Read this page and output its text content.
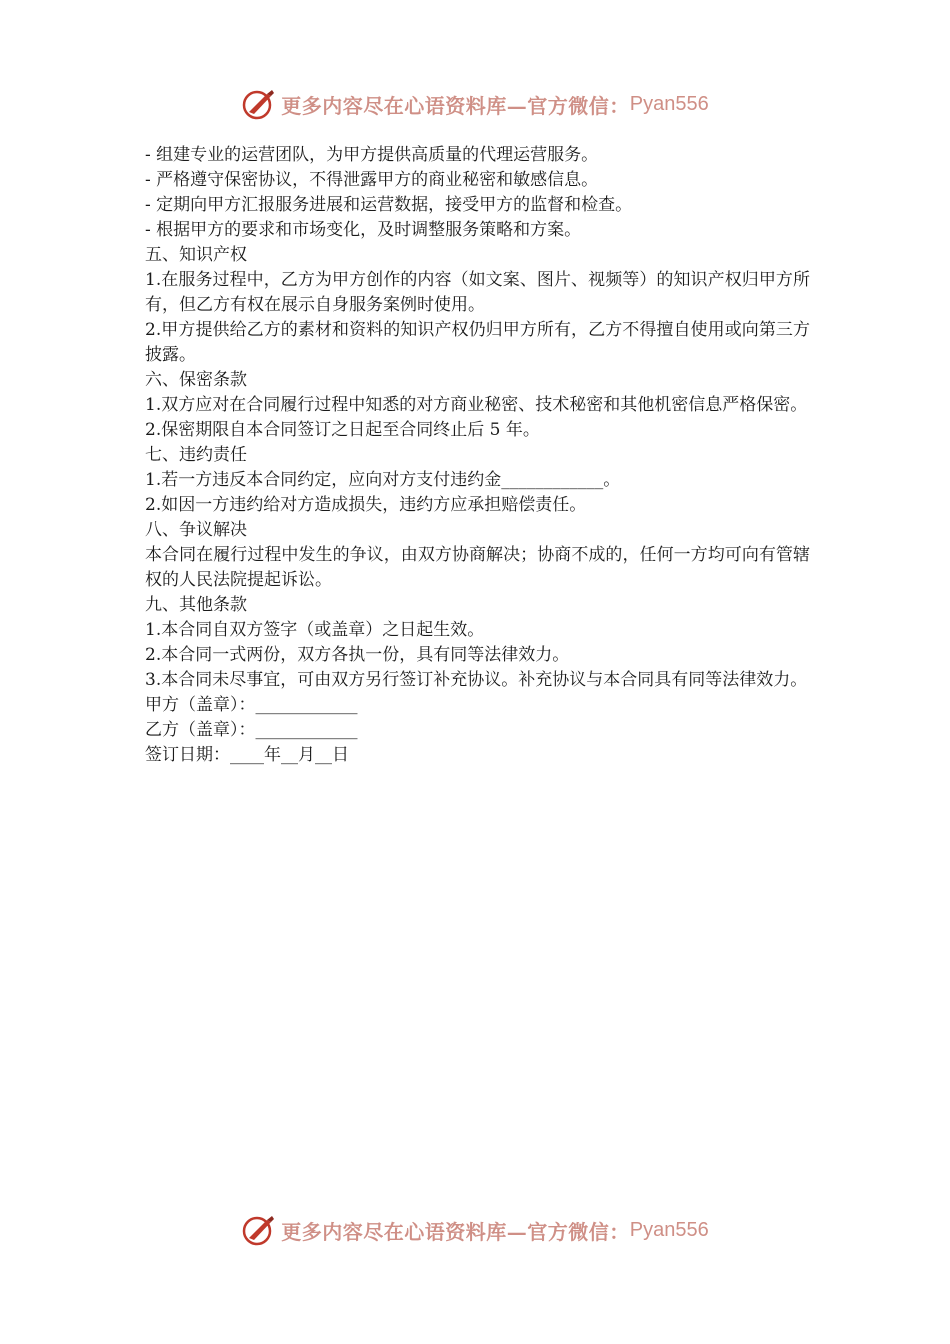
更多内容尽在心语资料库—官方微信： Pyan556
- 组建专业的运营团队，为甲方提供高质量的代理运营服务。
- 严格遵守保密协议，不得泄露甲方的商业秘密和敏感信息。
- 定期向甲方汇报服务进展和运营数据，接受甲方的监督和检查。
- 根据甲方的要求和市场变化，及时调整服务策略和方案。
五、知识产权
1.在服务过程中，乙方为甲方创作的内容（如文案、图片、视频等）的知识产权归甲方所有，但乙方有权在展示自身服务案例时使用。
2.甲方提供给乙方的素材和资料的知识产权仍归甲方所有，乙方不得擅自使用或向第三方披露。
六、保密条款
1.双方应对在合同履行过程中知悉的对方商业秘密、技术秘密和其他机密信息严格保密。
2.保密期限自本合同签订之日起至合同终止后 5 年。
七、违约责任
1.若一方违反本合同约定，应向对方支付违约金____________。
2.如因一方违约给对方造成损失，违约方应承担赔偿责任。
八、争议解决
本合同在履行过程中发生的争议，由双方协商解决；协商不成的，任何一方均可向有管辖权的人民法院提起诉讼。
九、其他条款
1.本合同自双方签字（或盖章）之日起生效。
2.本合同一式两份，双方各执一份，具有同等法律效力。
3.本合同未尽事宜，可由双方另行签订补充协议。补充协议与本合同具有同等法律效力。
甲方（盖章）：____________
乙方（盖章）：____________
签订日期：____年__月__日
更多内容尽在心语资料库—官方微信： Pyan556
